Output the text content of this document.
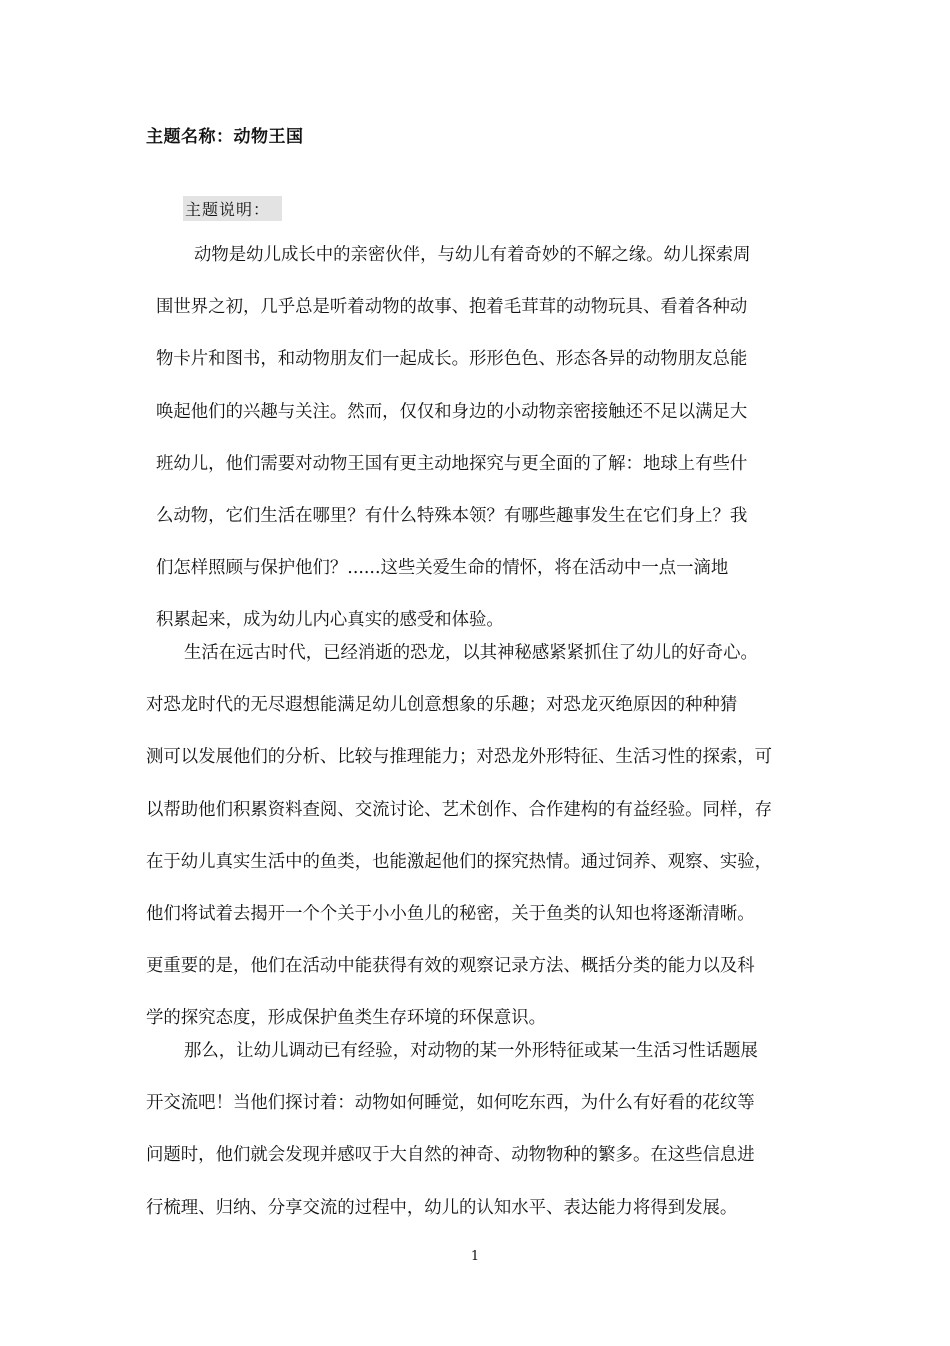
主题名称：动物王国
主题说明：

动物是幼儿成长中的亲密伙伴，与幼儿有着奇妙的不解之缘。幼儿探索周
围世界之初，几乎总是听着动物的故事、抱着毛茸茸的动物玩具、看着各种动
物卡片和图书，和动物朋友们一起成长。形形色色、形态各异的动物朋友总能
唤起他们的兴趣与关注。然而，仅仅和身边的小动物亲密接触还不足以满足大
班幼儿，他们需要对动物王国有更主动地探究与更全面的了解：地球上有些什
么动物，它们生活在哪里？有什么特殊本领？有哪些趣事发生在它们身上？我
们怎样照顾与保护他们？......这些关爱生命的情怀，将在活动中一点一滴地
积累起来，成为幼儿内心真实的感受和体验。

生活在远古时代，已经消逝的恐龙，以其神秘感紧紧抓住了幼儿的好奇心。
对恐龙时代的无尽遐想能满足幼儿创意想象的乐趣；对恐龙灭绝原因的种种猜
测可以发展他们的分析、比较与推理能力；对恐龙外形特征、生活习性的探索，可
以帮助他们积累资料查阅、交流讨论、艺术创作、合作建构的有益经验。同样，存
在于幼儿真实生活中的鱼类，也能激起他们的探究热情。通过饲养、观察、实验，
他们将试着去揭开一个个关于小小鱼儿的秘密，关于鱼类的认知也将逐渐清晰。
更重要的是，他们在活动中能获得有效的观察记录方法、概括分类的能力以及科
学的探究态度，形成保护鱼类生存环境的环保意识。

那么，让幼儿调动已有经验，对动物的某一外形特征或某一生活习性话题展
开交流吧！当他们探讨着：动物如何睡觉，如何吃东西，为什么有好看的花纹等
问题时，他们就会发现并感叹于大自然的神奇、动物物种的繁多。在这些信息进
行梳理、归纳、分享交流的过程中，幼儿的认知水平、表达能力将得到发展。

1
